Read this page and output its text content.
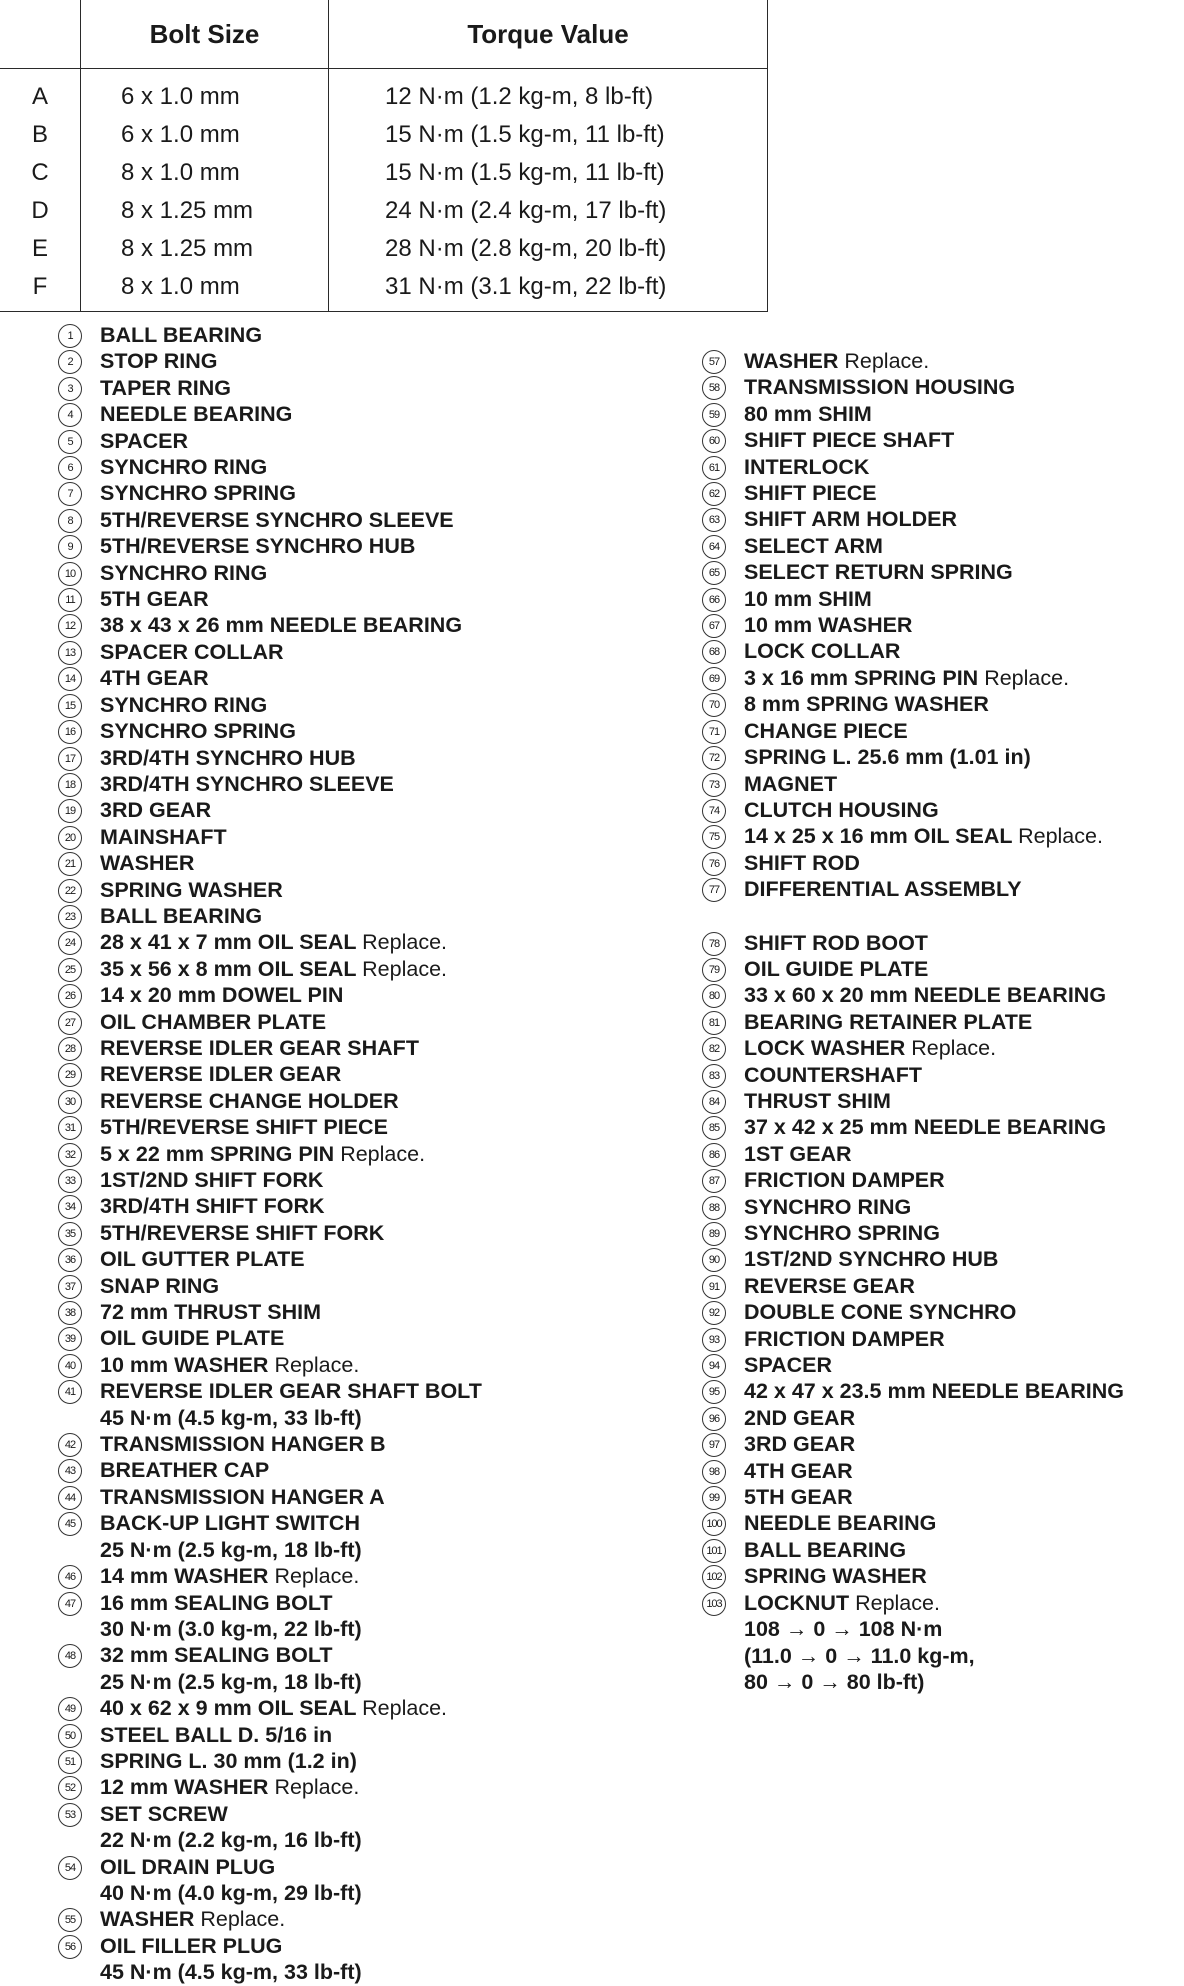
	Bolt Size	Torque Value
A	6 x 1.0 mm	12 N·m (1.2 kg-m, 8 lb-ft)
B	6 x 1.0 mm	15 N·m (1.5 kg-m, 11 lb-ft)
C	8 x 1.0 mm	15 N·m (1.5 kg-m, 11 lb-ft)
D	8 x 1.25 mm	24 N·m (2.4 kg-m, 17 lb-ft)
E	8 x 1.25 mm	28 N·m (2.8 kg-m, 20 lb-ft)
F	8 x 1.0 mm	31 N·m (3.1 kg-m, 22 lb-ft)
1	BALL BEARING
2	STOP RING
3	TAPER RING
4	NEEDLE BEARING
5	SPACER
6	SYNCHRO RING
7	SYNCHRO SPRING
8	5TH/REVERSE SYNCHRO SLEEVE
9	5TH/REVERSE SYNCHRO HUB
10	SYNCHRO RING
11	5TH GEAR
12	38 x 43 x 26 mm NEEDLE BEARING
13	SPACER COLLAR
14	4TH GEAR
15	SYNCHRO RING
16	SYNCHRO SPRING
17	3RD/4TH SYNCHRO HUB
18	3RD/4TH SYNCHRO SLEEVE
19	3RD GEAR
20	MAINSHAFT
21	WASHER
22	SPRING WASHER
23	BALL BEARING
24	28 x 41 x 7 mm OIL SEAL Replace.
25	35 x 56 x 8 mm OIL SEAL Replace.
26	14 x 20 mm DOWEL PIN
27	OIL CHAMBER PLATE
28	REVERSE IDLER GEAR SHAFT
29	REVERSE IDLER GEAR
30	REVERSE CHANGE HOLDER
31	5TH/REVERSE SHIFT PIECE
32	5 x 22 mm SPRING PIN Replace.
33	1ST/2ND SHIFT FORK
34	3RD/4TH SHIFT FORK
35	5TH/REVERSE SHIFT FORK
36	OIL GUTTER PLATE
37	SNAP RING
38	72 mm THRUST SHIM
39	OIL GUIDE PLATE
40	10 mm WASHER Replace.
41	REVERSE IDLER GEAR SHAFT BOLT
45 N·m (4.5 kg-m, 33 lb-ft)
42	TRANSMISSION HANGER B
43	BREATHER CAP
44	TRANSMISSION HANGER A
45	BACK-UP LIGHT SWITCH
25 N·m (2.5 kg-m, 18 lb-ft)
46	14 mm WASHER Replace.
47	16 mm SEALING BOLT
30 N·m (3.0 kg-m, 22 lb-ft)
48	32 mm SEALING BOLT
25 N·m (2.5 kg-m, 18 lb-ft)
49	40 x 62 x 9 mm OIL SEAL Replace.
50	STEEL BALL D. 5/16 in
51	SPRING L. 30 mm (1.2 in)
52	12 mm WASHER Replace.
53	SET SCREW
22 N·m (2.2 kg-m, 16 lb-ft)
54	OIL DRAIN PLUG
40 N·m (4.0 kg-m, 29 lb-ft)
55	WASHER Replace.
56	OIL FILLER PLUG
45 N·m (4.5 kg-m, 33 lb-ft)
57	WASHER Replace.
58	TRANSMISSION HOUSING
59	80 mm SHIM
60	SHIFT PIECE SHAFT
61	INTERLOCK
62	SHIFT PIECE
63	SHIFT ARM HOLDER
64	SELECT ARM
65	SELECT RETURN SPRING
66	10 mm SHIM
67	10 mm WASHER
68	LOCK COLLAR
69	3 x 16 mm SPRING PIN Replace.
70	8 mm SPRING WASHER
71	CHANGE PIECE
72	SPRING L. 25.6 mm (1.01 in)
73	MAGNET
74	CLUTCH HOUSING
75	14 x 25 x 16 mm OIL SEAL Replace.
76	SHIFT ROD
77	DIFFERENTIAL ASSEMBLY
78	SHIFT ROD BOOT
79	OIL GUIDE PLATE
80	33 x 60 x 20 mm NEEDLE BEARING
81	BEARING RETAINER PLATE
82	LOCK WASHER Replace.
83	COUNTERSHAFT
84	THRUST SHIM
85	37 x 42 x 25 mm NEEDLE BEARING
86	1ST GEAR
87	FRICTION DAMPER
88	SYNCHRO RING
89	SYNCHRO SPRING
90	1ST/2ND SYNCHRO HUB
91	REVERSE GEAR
92	DOUBLE CONE SYNCHRO
93	FRICTION DAMPER
94	SPACER
95	42 x 47 x 23.5 mm NEEDLE BEARING
96	2ND GEAR
97	3RD GEAR
98	4TH GEAR
99	5TH GEAR
100 NEEDLE BEARING
101 BALL BEARING
102 SPRING WASHER
103 LOCKNUT Replace.
108 → 0 → 108 N·m
(11.0 → 0 → 11.0 kg-m,
80 → 0 → 80 lb-ft)
